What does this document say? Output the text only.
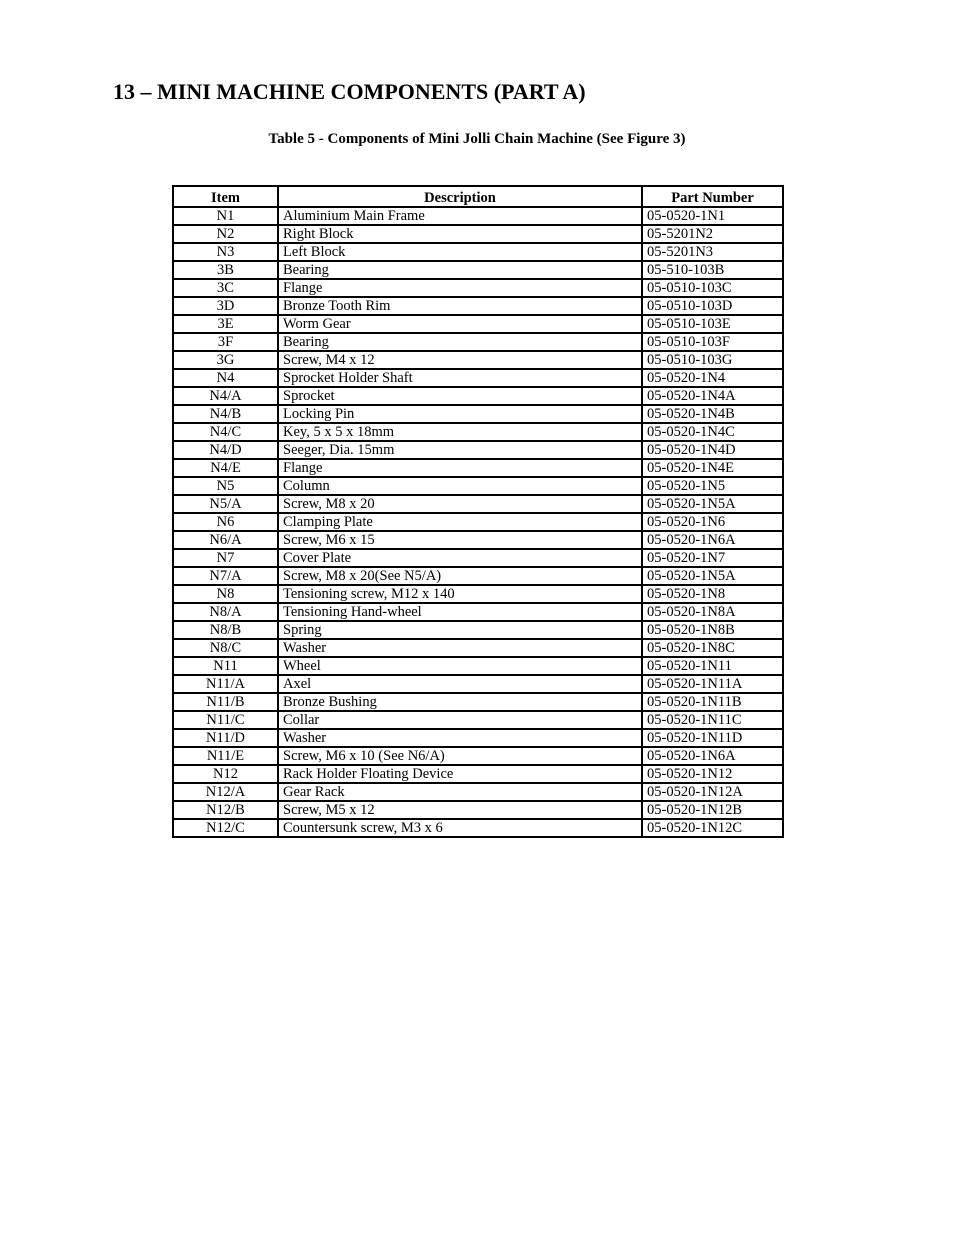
13 – MINI MACHINE COMPONENTS (PART A)

Table 5 - Components of Mini Jolli Chain Machine (See Figure 3)

Item	Description	Part Number
N1	Aluminium Main Frame	05-0520-1N1
N2	Right Block	05-5201N2
N3	Left Block	05-5201N3
3B	Bearing	05-510-103B
3C	Flange	05-0510-103C
3D	Bronze Tooth Rim	05-0510-103D
3E	Worm Gear	05-0510-103E
3F	Bearing	05-0510-103F
3G	Screw, M4 x 12	05-0510-103G
N4	Sprocket Holder Shaft	05-0520-1N4
N4/A	Sprocket	05-0520-1N4A
N4/B	Locking Pin	05-0520-1N4B
N4/C	Key, 5 x 5 x 18mm	05-0520-1N4C
N4/D	Seeger, Dia. 15mm	05-0520-1N4D
N4/E	Flange	05-0520-1N4E
N5	Column	05-0520-1N5
N5/A	Screw, M8 x 20	05-0520-1N5A
N6	Clamping Plate	05-0520-1N6
N6/A	Screw, M6 x 15	05-0520-1N6A
N7	Cover Plate	05-0520-1N7
N7/A	Screw, M8 x 20(See N5/A)	05-0520-1N5A
N8	Tensioning screw, M12 x 140	05-0520-1N8
N8/A	Tensioning Hand-wheel	05-0520-1N8A
N8/B	Spring	05-0520-1N8B
N8/C	Washer	05-0520-1N8C
N11	Wheel	05-0520-1N11
N11/A	Axel	05-0520-1N11A
N11/B	Bronze Bushing	05-0520-1N11B
N11/C	Collar	05-0520-1N11C
N11/D	Washer	05-0520-1N11D
N11/E	Screw, M6 x 10 (See N6/A)	05-0520-1N6A
N12	Rack Holder Floating Device	05-0520-1N12
N12/A	Gear Rack	05-0520-1N12A
N12/B	Screw, M5 x 12	05-0520-1N12B
N12/C	Countersunk screw, M3 x 6	05-0520-1N12C
